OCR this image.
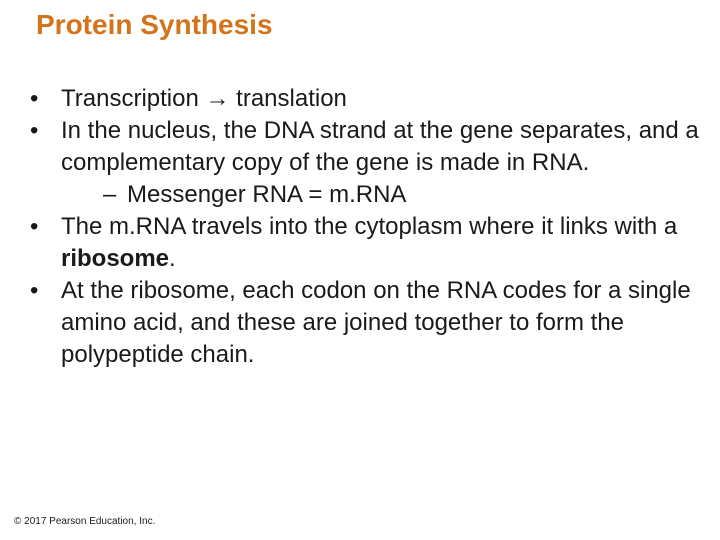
Protein Synthesis
• Transcription → translation
• In the nucleus, the DNA strand at the gene separates, and a complementary copy of the gene is made in RNA.
– Messenger RNA = m.RNA
• The m.RNA travels into the cytoplasm where it links with a ribosome.
• At the ribosome, each codon on the RNA codes for a single amino acid, and these are joined together to form the polypeptide chain.
© 2017 Pearson Education, Inc.
